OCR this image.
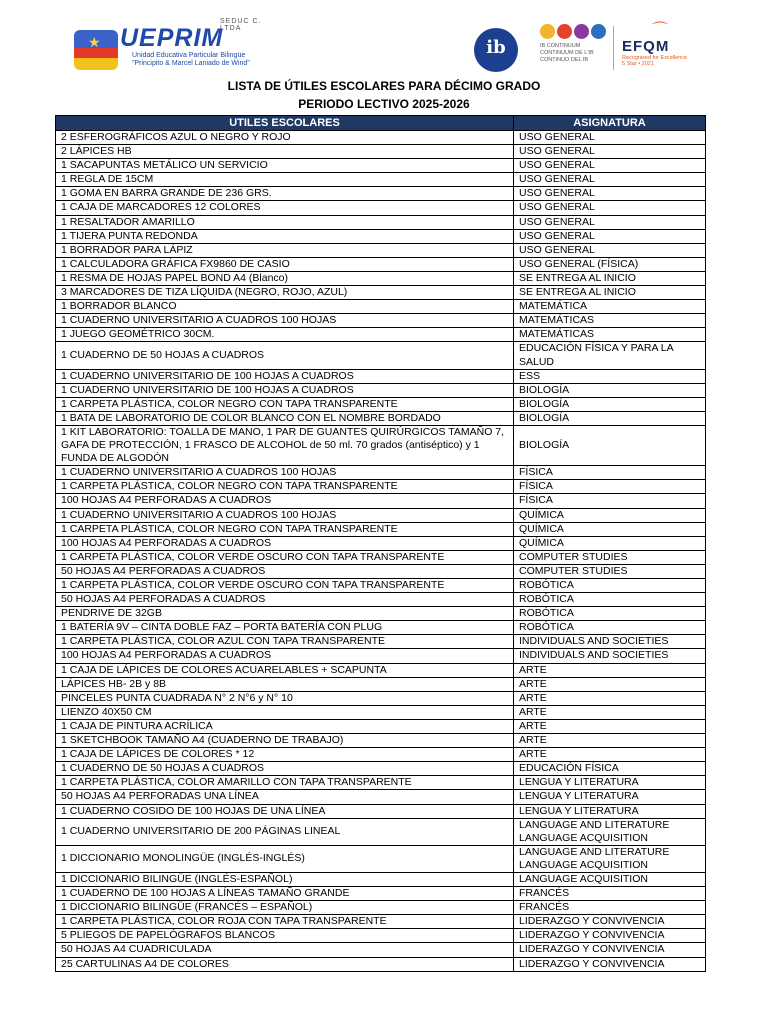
★
SEDUC C. LTDA
UEPRIM
Unidad Educativa Particular Bilingüe
"Principito & Marcel Laniado de Wind"
ib	IB CONTINUUM
CONTINUUM DE L'IB
CONTINUO DEL IB
⌒
EFQM
Recognised for Excellence
5 Star • 2021
LISTA DE ÚTILES ESCOLARES PARA DÉCIMO GRADO
PERIODO LECTIVO 2025-2026
UTILES ESCOLARES	ASIGNATURA
2 ESFEROGRÁFICOS AZUL O NEGRO Y ROJO	USO GENERAL
2 LÁPICES HB	USO GENERAL
1 SACAPUNTAS METÁLICO UN SERVICIO	USO GENERAL
1 REGLA DE 15CM	USO GENERAL
1 GOMA EN BARRA GRANDE DE 236 GRS.	USO GENERAL
1 CAJA DE MARCADORES 12 COLORES	USO GENERAL
1 RESALTADOR AMARILLO	USO GENERAL
1 TIJERA PUNTA REDONDA	USO GENERAL
1 BORRADOR PARA LÁPIZ	USO GENERAL
1 CALCULADORA GRÁFICA FX9860 DE CASIO	USO GENERAL (FÍSICA)
1 RESMA DE HOJAS PAPEL BOND A4 (Blanco)	SE ENTREGA AL INICIO
3 MARCADORES DE TIZA LÍQUIDA (NEGRO, ROJO, AZUL)	SE ENTREGA AL INICIO
1 BORRADOR BLANCO	MATEMÁTICA
1 CUADERNO UNIVERSITARIO A CUADROS 100 HOJAS	MATEMÁTICAS
1 JUEGO GEOMÉTRICO 30CM.	MATEMÁTICAS
1 CUADERNO DE 50 HOJAS A CUADROS	EDUCACIÓN FÍSICA Y PARA LA SALUD
1 CUADERNO UNIVERSITARIO DE 100 HOJAS A CUADROS	ESS
1 CUADERNO UNIVERSITARIO DE 100 HOJAS A CUADROS	BIOLOGÍA
1 CARPETA PLÁSTICA, COLOR NEGRO CON TAPA TRANSPARENTE	BIOLOGÍA
1 BATA DE LABORATORIO DE COLOR BLANCO CON EL NOMBRE BORDADO	BIOLOGÍA
1 KIT LABORATORIO: TOALLA DE MANO, 1 PAR DE GUANTES QUIRÚRGICOS TAMAÑO 7, GAFA DE PROTECCIÓN, 1 FRASCO DE ALCOHOL de 50 ml. 70 grados (antiséptico) y 1 FUNDA DE ALGODÓN	BIOLOGÍA
1 CUADERNO UNIVERSITARIO A CUADROS 100 HOJAS	FÍSICA
1 CARPETA PLÁSTICA, COLOR NEGRO CON TAPA TRANSPARENTE	FÍSICA
100 HOJAS A4 PERFORADAS A CUADROS	FÍSICA
1 CUADERNO UNIVERSITARIO A CUADROS 100 HOJAS	QUÍMICA
1 CARPETA PLÁSTICA, COLOR NEGRO CON TAPA TRANSPARENTE	QUÍMICA
100 HOJAS A4 PERFORADAS A CUADROS	QUÍMICA
1 CARPETA PLÁSTICA, COLOR VERDE OSCURO CON TAPA TRANSPARENTE	COMPUTER STUDIES
50 HOJAS A4 PERFORADAS A CUADROS	COMPUTER STUDIES
1 CARPETA PLÁSTICA, COLOR VERDE OSCURO CON TAPA TRANSPARENTE	ROBÓTICA
50 HOJAS A4 PERFORADAS A CUADROS	ROBÓTICA
PENDRIVE DE 32GB	ROBÓTICA
1 BATERÍA 9V – CINTA DOBLE FAZ – PORTA BATERÍA CON PLUG	ROBÓTICA
1 CARPETA PLÁSTICA, COLOR AZUL CON TAPA TRANSPARENTE	INDIVIDUALS AND SOCIETIES
100 HOJAS A4 PERFORADAS A CUADROS	INDIVIDUALS AND SOCIETIES
1 CAJA DE LÁPICES DE COLORES ACUARELABLES + SCAPUNTA	ARTE
LÁPICES HB- 2B y 8B	ARTE
PINCELES PUNTA CUADRADA N° 2 N°6 y N° 10	ARTE
LIENZO 40X50 CM	ARTE
1 CAJA DE PINTURA ACRÍLICA	ARTE
1 SKETCHBOOK TAMAÑO A4 (CUADERNO DE TRABAJO)	ARTE
1 CAJA DE LÁPICES DE COLORES * 12	ARTE
1 CUADERNO DE 50 HOJAS A CUADROS	EDUCACIÓN FÍSICA
1 CARPETA PLÁSTICA, COLOR AMARILLO CON TAPA TRANSPARENTE	LENGUA Y LITERATURA
50 HOJAS A4 PERFORADAS UNA LÍNEA	LENGUA Y LITERATURA
1 CUADERNO COSIDO DE 100 HOJAS DE UNA LÍNEA	LENGUA Y LITERATURA
1 CUADERNO UNIVERSITARIO DE 200 PÁGINAS LINEAL	LANGUAGE AND LITERATURE LANGUAGE ACQUISITION
1 DICCIONARIO MONOLINGÜE (INGLÉS-INGLÉS)	LANGUAGE AND LITERATURE LANGUAGE ACQUISITION
1 DICCIONARIO BILINGÜE (INGLÉS-ESPAÑOL)	LANGUAGE ACQUISITION
1 CUADERNO DE 100 HOJAS A LÍNEAS TAMAÑO GRANDE	FRANCÉS
1 DICCIONARIO BILINGÜE (FRANCÉS – ESPAÑOL)	FRANCÉS
1 CARPETA PLÁSTICA, COLOR ROJA CON TAPA TRANSPARENTE	LIDERAZGO Y CONVIVENCIA
5 PLIEGOS DE PAPELÓGRAFOS BLANCOS	LIDERAZGO Y CONVIVENCIA
50 HOJAS A4 CUADRICULADA	LIDERAZGO Y CONVIVENCIA
25 CARTULINAS A4 DE COLORES	LIDERAZGO Y CONVIVENCIA
